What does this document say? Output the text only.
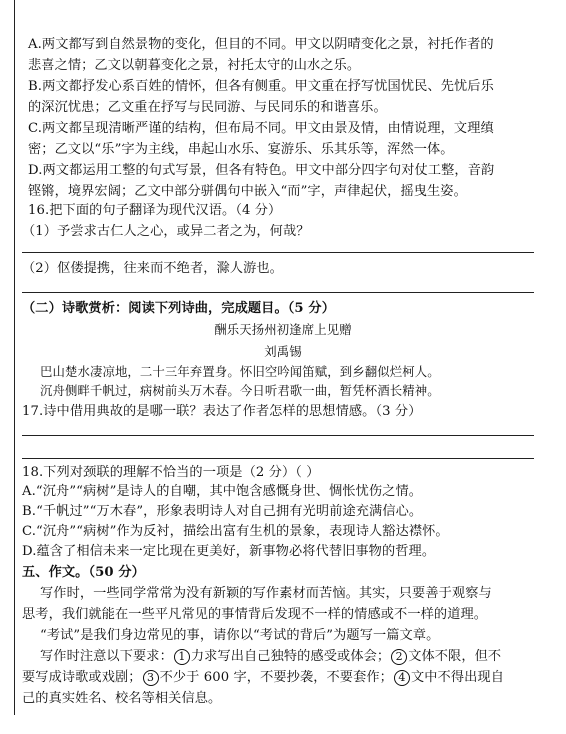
A.两文都写到自然景物的变化，但目的不同。甲文以阴晴变化之景，衬托作者的
悲喜之情；乙文以朝暮变化之景，衬托太守的山水之乐。
B.两文都抒发心系百姓的情怀，但各有侧重。甲文重在抒写忧国忧民、先忧后乐
的深沉忧患；乙文重在抒写与民同游、与民同乐的和谐喜乐。
C.两文都呈现清晰严谨的结构，但布局不同。甲文由景及情，由情说理，文理缜
密；乙文以“乐”字为主线，串起山水乐、宴游乐、乐其乐等，浑然一体。
D.两文都运用工整的句式写景，但各有特色。甲文中部分四字句对仗工整，音韵
铿锵，境界宏阔；乙文中部分骈偶句中嵌入“而”字，声律起伏，摇曳生姿。
16.把下面的句子翻译为现代汉语。（4 分）
（1）予尝求古仁人之心，或异二者之为，何哉？
（2）伛偻提携，往来而不绝者，滁人游也。
（二）诗歌赏析：阅读下列诗曲，完成题目。（5 分）
酬乐天扬州初逢席上见赠
刘禹锡
巴山楚水凄凉地，二十三年弃置身。怀旧空吟闻笛赋，到乡翻似烂柯人。
沉舟侧畔千帆过，病树前头万木春。今日听君歌一曲，暂凭杯酒长精神。
17.诗中借用典故的是哪一联？表达了作者怎样的思想情感。（3 分）
18.下列对颈联的理解不恰当的一项是（2 分）（ ）
A.“沉舟”“病树”是诗人的自嘲，其中饱含感慨身世、惆怅忧伤之情。
B.“千帆过”“万木春”，形象表明诗人对自己拥有光明前途充满信心。
C.“沉舟”“病树”作为反衬，描绘出富有生机的景象，表现诗人豁达襟怀。
D.蕴含了相信未来一定比现在更美好，新事物必将代替旧事物的哲理。
五、作文。（50 分）
写作时，一些同学常常为没有新颖的写作素材而苦恼。其实，只要善于观察与
思考，我们就能在一些平凡常见的事情背后发现不一样的情感或不一样的道理。
“考试”是我们身边常见的事，请你以“考试的背后”为题写一篇文章。
写作时注意以下要求： 1 力求写出自己独特的感受或体会； 2 文体不限，但不
要写成诗歌或戏剧； 3 不少于 600 字，不要抄袭，不要套作； 4 文中不得出现自
己的真实姓名、校名等相关信息。
